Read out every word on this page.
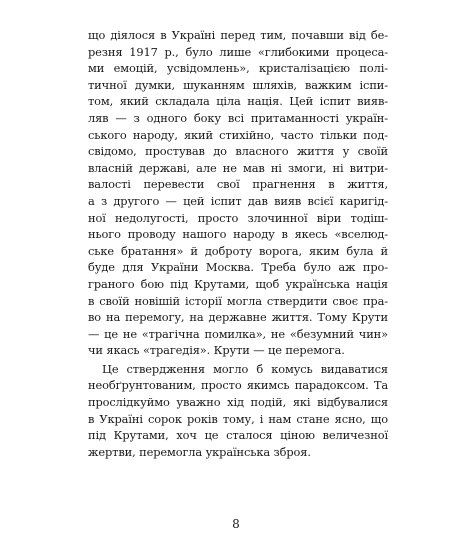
що діялося в Україні перед тим, почавши від бе-
резня 1917 р., було лише «глибокими процеса-
ми емоцій, усвідомлень», кристалізацією полі-
тичної думки, шуканням шляхів, важким іспи-
том, який складала ціла нація. Цей іспит вияв-
ляв — з одного боку всі притаманності україн-
ського народу, який стихійно, часто тільки под-
свідомо, простував до власного життя у своїй
власній державі, але не мав ні змоги, ні витри-
валості перевести свої прагнення в життя,
а з другого — цей іспит дав вияв всієї каригід-
ної недолугості, просто злочинної віри тодіш-
нього проводу нашого народу в якесь «вселюд-
ське братання» й доброту ворога, яким була й
буде для України Москва. Треба було аж про-
граного бою під Крутами, щоб українська нація
в своїй новішій історії могла ствердити своє пра-
во на перемогу, на державне життя. Тому Крути
— це не «трагічна помилка», не «безумний чин»
чи якась «трагедія». Крути — це перемога.
Це ствердження могло б комусь видаватися
необґрунтованим, просто якимсь парадоксом. Та
прослідкуймо уважно хід подій, які відбувалися
в Україні сорок років тому, і нам стане ясно, що
під Крутами, хоч це сталося ціною величезної
жертви, перемогла українська зброя.
8
